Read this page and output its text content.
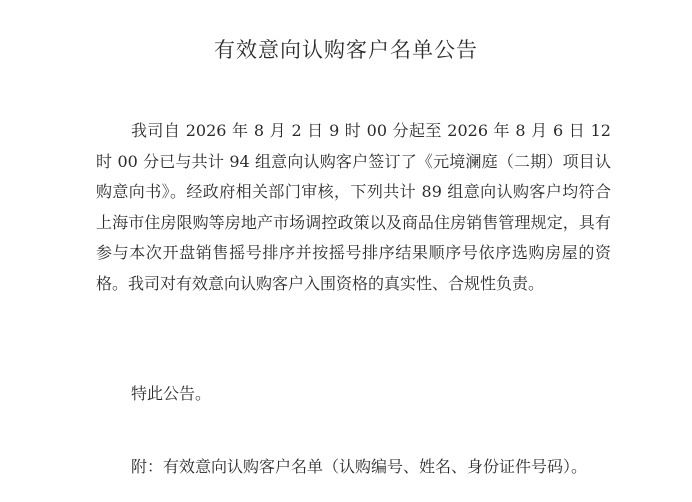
有效意向认购客户名单公告

我司自 2026 年 8 月 2 日 9 时 00 分起至 2026 年 8 月 6 日 12 时 00 分已与共计 94 组意向认购客户签订了《元境澜庭（二期）项目认购意向书》。经政府相关部门审核，下列共计 89 组意向认购客户均符合上海市住房限购等房地产市场调控政策以及商品住房销售管理规定，具有参与本次开盘销售摇号排序并按摇号排序结果顺序号依序选购房屋的资格。我司对有效意向认购客户入围资格的真实性、合规性负责。

特此公告。
附：有效意向认购客户名单（认购编号、姓名、身份证件号码）。
